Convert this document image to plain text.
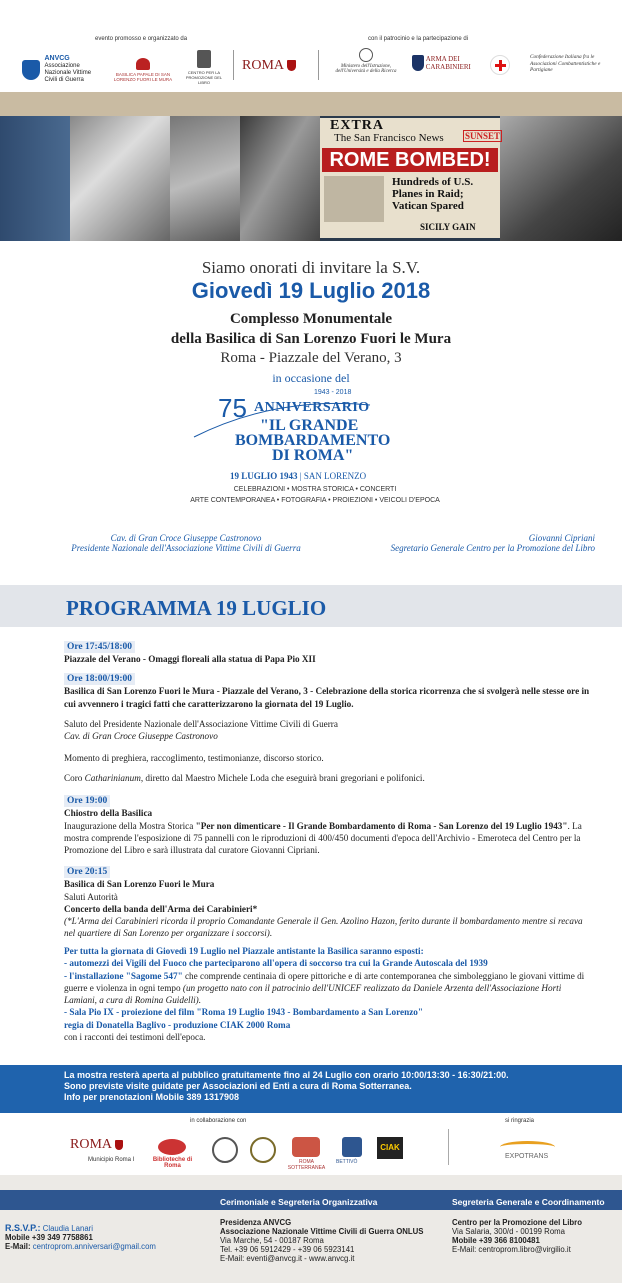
evento promosso e organizzato da	con il patrocinio e la partecipazione di
ANVCG
Associazione Nazionale Vittime Civili di Guerra
BASILICA PAPALE DI SAN LORENZO FUORI LE MURA
CENTRO PER LA PROMOZIONE DEL LIBRO
ROMA	Ministero dell'Istruzione, dell'Università e della Ricerca
ARMA DEI CARABINIERI
Confederazione Italiana fra le Associazioni Combattentistiche e Partigiane
EXTRA
The San Francisco News SUNSET
ROME BOMBED!
Hundreds of U.S.
Planes in Raid;
Vatican Spared
SICILY GAIN
Siamo onorati di invitare la S.V.
Giovedì 19 Luglio 2018
Complesso Monumentale
della Basilica di San Lorenzo Fuori le Mura
Roma - Piazzale del Verano, 3
in occasione del
75
1943 - 2018
ANNIVERSARIO
"IL GRANDE
BOMBARDAMENTO
DI ROMA"
19 LUGLIO 1943 | SAN LORENZO
CELEBRAZIONI • MOSTRA STORICA • CONCERTI
ARTE CONTEMPORANEA • FOTOGRAFIA • PROIEZIONI • VEICOLI D'EPOCA
Cav. di Gran Croce Giuseppe Castronovo
Presidente Nazionale dell'Associazione Vittime Civili di Guerra
Giovanni Cipriani
Segretario Generale Centro per la Promozione del Libro
PROGRAMMA 19 LUGLIO
Ore 17:45/18:00
Piazzale del Verano - Omaggi floreali alla statua di Papa Pio XII
Ore 18:00/19:00
Basilica di San Lorenzo Fuori le Mura - Piazzale del Verano, 3 - Celebrazione della storica ricorrenza che si svolgerà nelle stesse ore in cui avvennero i tragici fatti che caratterizzarono la giornata del 19 Luglio.
Saluto del Presidente Nazionale dell'Associazione Vittime Civili di Guerra
Cav. di Gran Croce Giuseppe Castronovo
Momento di preghiera, raccoglimento, testimonianze, discorso storico.
Coro Catharinianum, diretto dal Maestro Michele Loda che eseguirà brani gregoriani e polifonici.
Ore 19:00
Chiostro della Basilica
Inaugurazione della Mostra Storica "Per non dimenticare - Il Grande Bombardamento di Roma - San Lorenzo del 19 Luglio 1943". La mostra comprende l'esposizione di 75 pannelli con le riproduzioni di 400/450 documenti d'epoca dell'Archivio - Emeroteca del Centro per la Promozione del Libro e sarà illustrata dal curatore Giovanni Cipriani.
Ore 20:15
Basilica di San Lorenzo Fuori le Mura
Saluti Autorità
Concerto della banda dell'Arma dei Carabinieri*
(*L'Arma dei Carabinieri ricorda il proprio Comandante Generale il Gen. Azolino Hazon, ferito durante il bombardamento mentre si recava nel quartiere di San Lorenzo per organizzare i soccorsi).
Per tutta la giornata di Giovedì 19 Luglio nel Piazzale antistante la Basilica saranno esposti:
- automezzi dei Vigili del Fuoco che parteciparono all'opera di soccorso tra cui la Grande Autoscala del 1939
- l'installazione "Sagome 547" che comprende centinaia di opere pittoriche e di arte contemporanea che simboleggiano le giovani vittime di guerre e violenza in ogni tempo (un progetto nato con il patrocinio dell'UNICEF realizzato da Daniele Arzenta dell'Associazione Horti Lamiani, a cura di Romina Guidelli).
- Sala Pio IX - proiezione del film "Roma 19 Luglio 1943 - Bombardamento a San Lorenzo"
regia di Donatella Baglivo - produzione CIAK 2000 Roma
con i racconti dei testimoni dell'epoca.

La mostra resterà aperta al pubblico gratuitamente fino al 24 Luglio con orario 10:00/13:30 - 16:30/21:00.

Sono previste visite guidate per Associazioni ed Enti a cura di Roma Sotterranea.

Info per prenotazioni Mobile 389 1317908

in collaborazione con	si ringrazia
ROMA
Municipio Roma I	Biblioteche di Roma
ROMA SOTTERRANEA
BETTIVÒ
CIAK
EXPOTRANS
Cerimoniale e Segreteria Organizzativa	Segreteria Generale e Coordinamento
R.S.V.P.: Claudia Lanari
Mobile +39 349 7758861
E-Mail: centroprom.anniversari@gmail.com
Presidenza ANVCG
Associazione Nazionale Vittime Civili di Guerra ONLUS
Via Marche, 54 - 00187 Roma
Tel. +39 06 5912429 - +39 06 5923141
E-Mail: eventi@anvcg.it - www.anvcg.it
Centro per la Promozione del Libro
Via Salaria, 300/d - 00199 Roma
Mobile +39 366 8100481
E-Mail: centroprom.libro@virgilio.it
